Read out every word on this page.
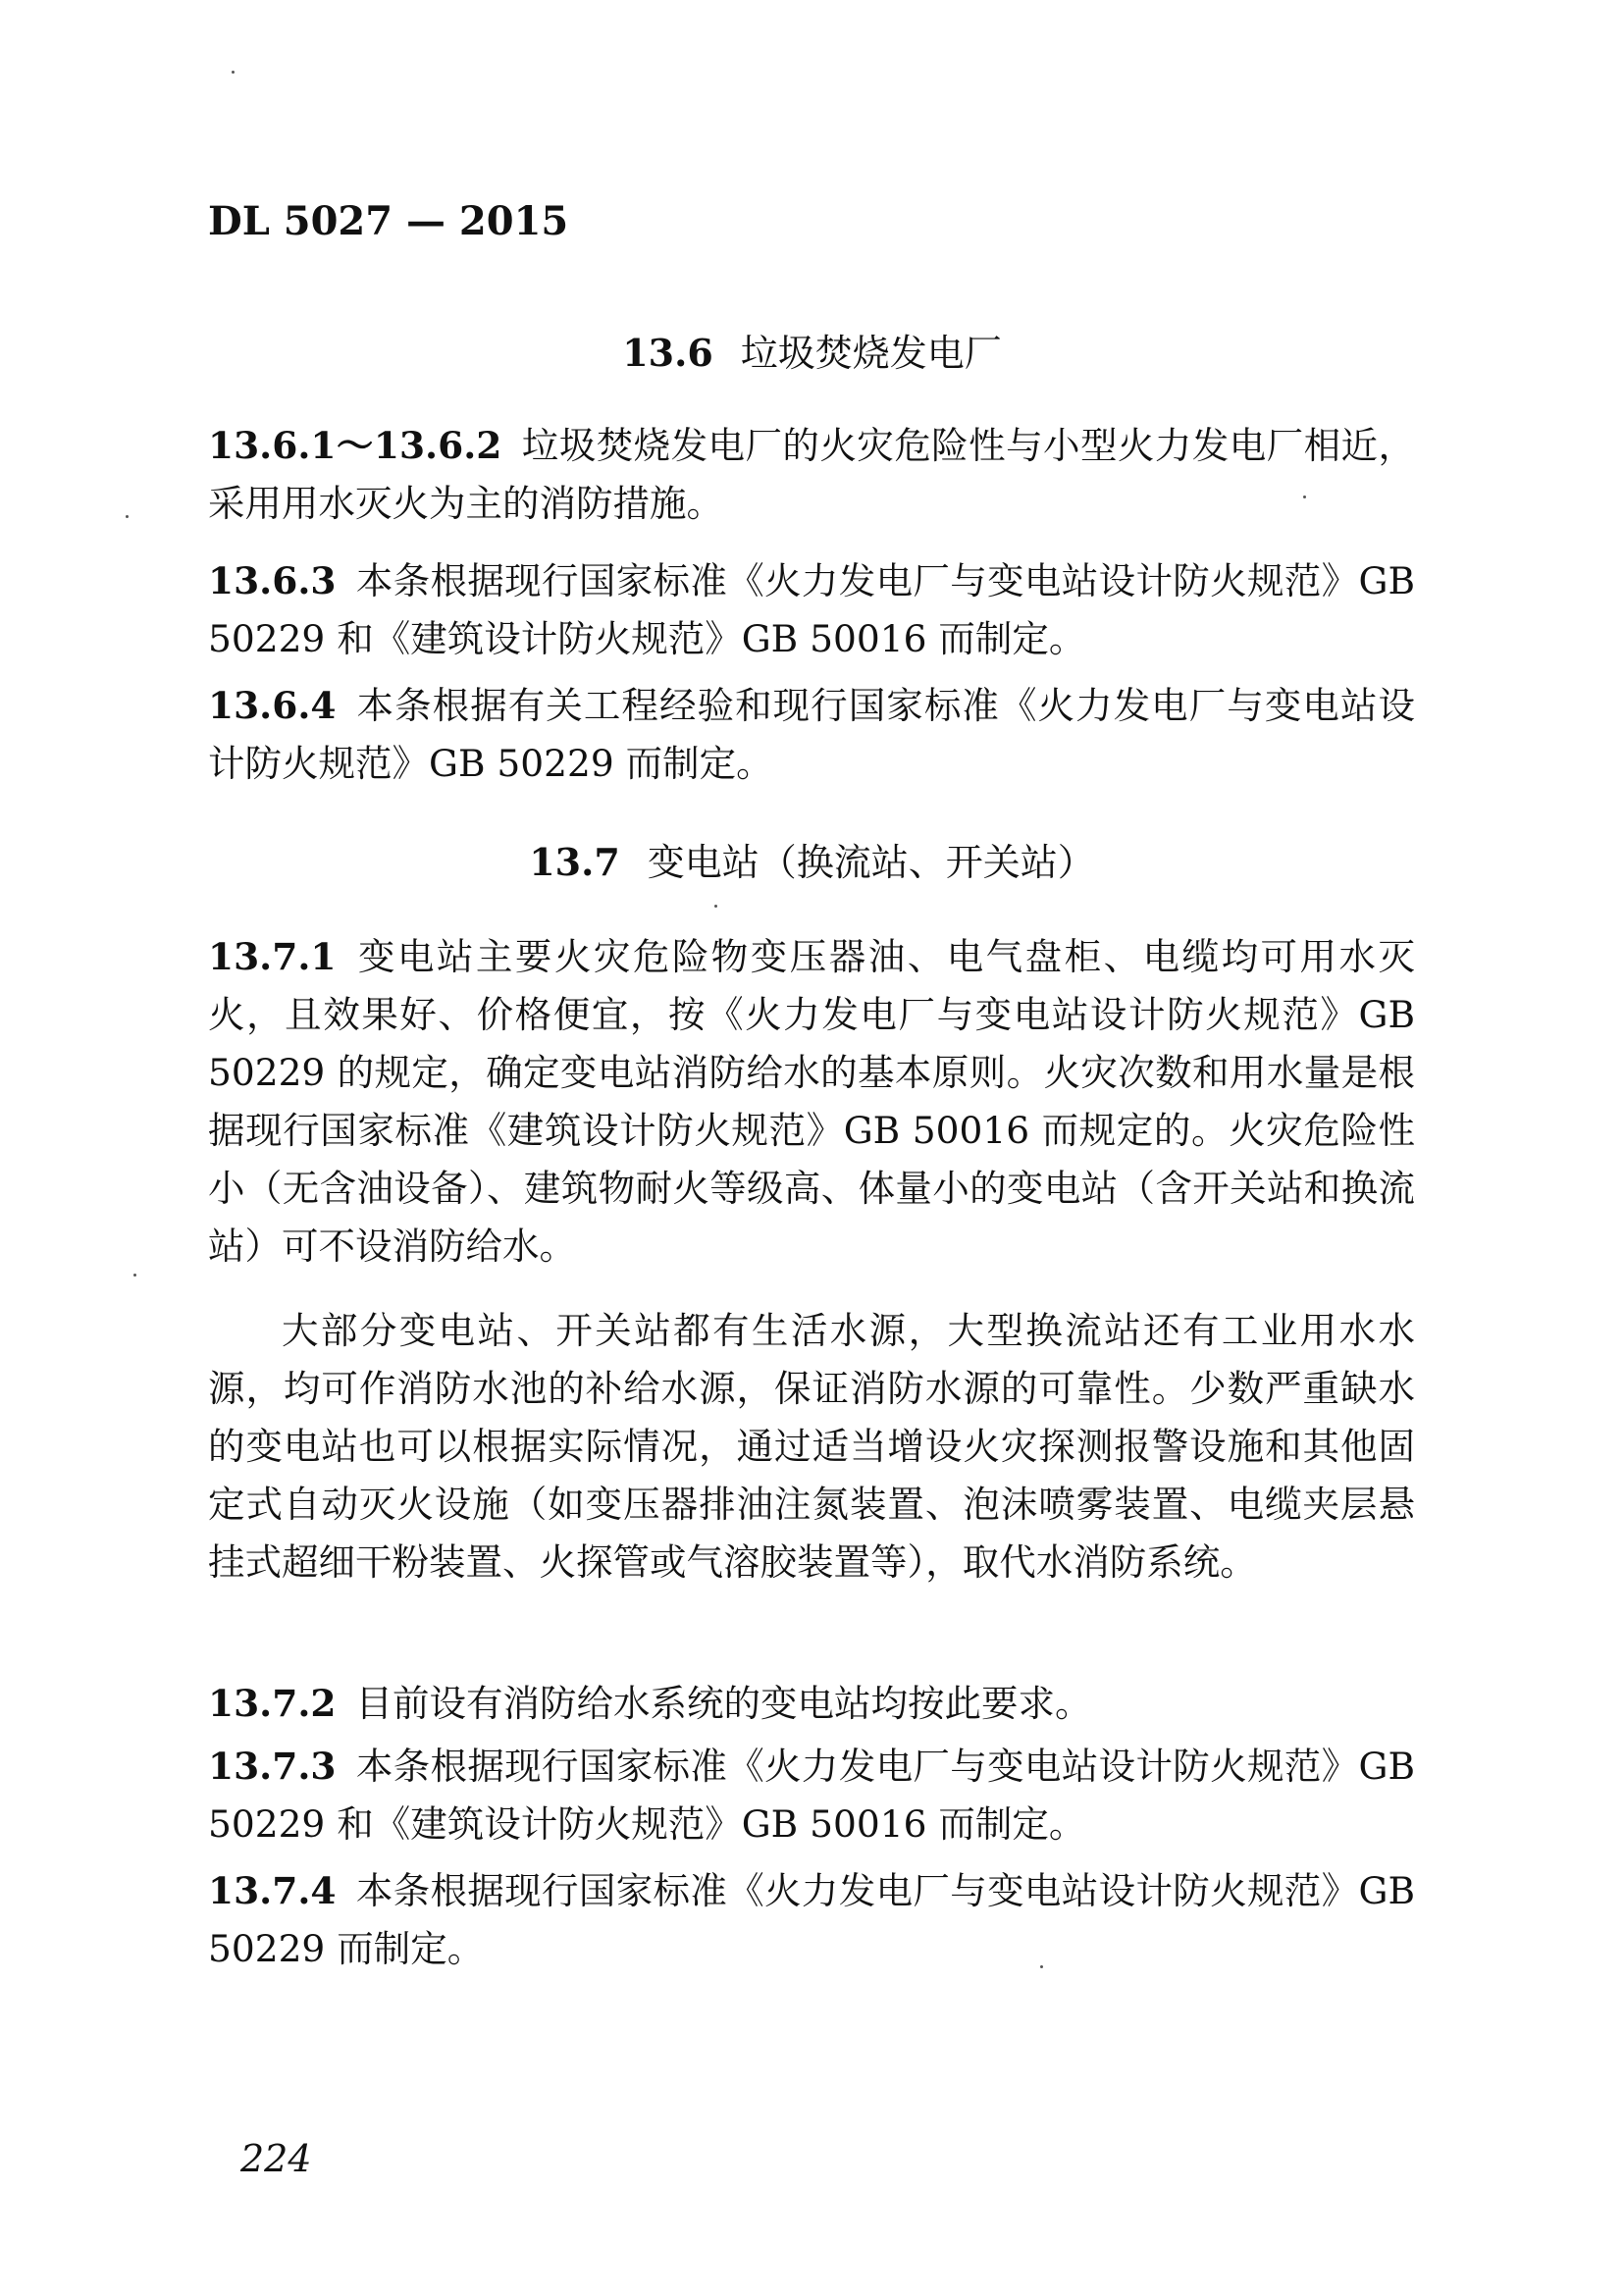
DL 5027 — 2015
13.6 垃圾焚烧发电厂
13.6.1～13.6.2 垃圾焚烧发电厂的火灾危险性与小型火力发电厂相近，采用用水灭火为主的消防措施。
13.6.3 本条根据现行国家标准《火力发电厂与变电站设计防火规范》GB 50229 和《建筑设计防火规范》GB 50016 而制定。
13.6.4 本条根据有关工程经验和现行国家标准《火力发电厂与变电站设计防火规范》GB 50229 而制定。
13.7 变电站（换流站、开关站）
13.7.1 变电站主要火灾危险物变压器油、电气盘柜、电缆均可用水灭火，且效果好、价格便宜，按《火力发电厂与变电站设计防火规范》GB 50229 的规定，确定变电站消防给水的基本原则。火灾次数和用水量是根据现行国家标准《建筑设计防火规范》GB 50016 而规定的。火灾危险性小（无含油设备）、建筑物耐火等级高、体量小的变电站（含开关站和换流站）可不设消防给水。
大部分变电站、开关站都有生活水源，大型换流站还有工业用水水源，均可作消防水池的补给水源，保证消防水源的可靠性。少数严重缺水的变电站也可以根据实际情况，通过适当增设火灾探测报警设施和其他固定式自动灭火设施（如变压器排油注氮装置、泡沫喷雾装置、电缆夹层悬挂式超细干粉装置、火探管或气溶胶装置等），取代水消防系统。
13.7.2 目前设有消防给水系统的变电站均按此要求。
13.7.3 本条根据现行国家标准《火力发电厂与变电站设计防火规范》GB 50229 和《建筑设计防火规范》GB 50016 而制定。
13.7.4 本条根据现行国家标准《火力发电厂与变电站设计防火规范》GB 50229 而制定。
224
